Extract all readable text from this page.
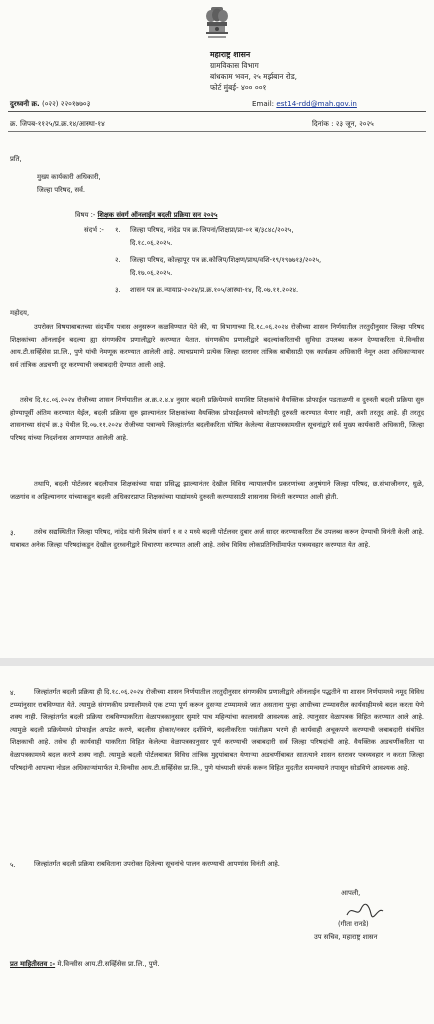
महाराष्ट्र शासन
ग्रामविकास विभाग
बांधकाम भवन, २५ मर्झबान रोड,
फोर्ट मुंबई- ४०० ००१
दुरध्वनी क्र. (०२२) २२०१७७०३	Email: est14-rdd@mah.gov.in
क्र. जिपब-११२५/प्र.क्र.१४/आस्था-१४	दिनांक : २३ जून, २०२५
प्रति,
मुख्य कार्यकारी अधिकारी,
जिल्हा परिषद, सर्व.
विषय :- शिक्षक संवर्ग ऑनलाईन बदली प्रक्रिया सन २०२५
संदर्भ :- १. जिल्हा परिषद, नांदेड पत्र क्र.जिपनां/शिक्षप्रा/प्रा-०१ ब/३८४८/२०२५,
दि.१८.०६.२०२५.
२. जिल्हा परिषद, कोल्हापूर पत्र क्र.कोजिप/शिक्षण/प्राथ/वशि-१९/१९७७१३/२०२५,
दि.१७.०६.२०२५.
३. शासन पत्र क्र.न्यायाप्र-२०२४/प्र.क्र.१०५/आस्था-१४, दि.०७.११.२०२४.
महोदय,
उपरोक्त विषयाबाबतच्या संदर्भीय पत्रास अनुसरून कळविण्यात येते की, या विभागाच्या दि.१८.०६.२०२४ रोजीच्या शासन निर्णयातील तरतुदीनुसार जिल्हा परिषद शिक्षकांच्या ऑनलाईन बदल्या ह्या संगणकीय प्रणालीद्वारे करण्यात येतात. संगणकीय प्रणालीद्वारे बदल्यांकरिताची सुविधा उपलब्ध करून देण्याकरिता मे.विन्सीस आय.टी.सर्व्हिसेस प्रा.लि., पुणे यांची नेमणूक करण्यात आलेली आहे. त्याचप्रमाणे प्रत्येक जिल्हा स्तरावर तांत्रिक बाबीसाठी एक कार्यक्रम अधिकारी नेमून अशा अधिकाऱ्यावर सर्व तांत्रिक अडचणी दूर करण्याची जबाबदारी देण्यात आली आहे.
तसेच दि.१८.०६.२०२४ रोजीच्या शासन निर्णयातील अ.क्र.२.४.४ नुसार बदली प्रक्रियेमध्ये समाविष्ट शिक्षकांचे वैयक्तिक प्रोफाईल पडताळणी व दुरुस्ती बदली प्रक्रिया सुरु होण्यापूर्वी अंतिम करण्यात येईल, बदली प्रक्रिया सुरु झाल्यानंतर शिक्षकांच्या वैयक्तिक प्रोफाईलमध्ये कोणतीही दुरुस्ती करण्यात येणार नाही, अशी तरतूद आहे. ही तरतूद शासनाच्या संदर्भ क्र.३ येथील दि.०७.११.२०२४ रोजीच्या पत्रान्वये जिल्हांतर्गत बदलीकरिता घोषित केलेल्या वेळापत्रकामधील सूचनांद्वारे सर्व मुख्य कार्यकारी अधिकारी, जिल्हा परिषद यांच्या निदर्शनास आणण्यात आलेली आहे.
तथापि, बदली पोर्टलवर बदलीपात्र शिक्षकांच्या याद्या प्रसिद्ध झाल्यानंतर देखील विविध न्यायालयीन प्रकरणांच्या अनुषंगाने जिल्हा परिषद, छ.संभाजीनगर, धुळे, जळगांव व अहिल्यानगर यांच्याकडून बदली अधिकारप्राप्त शिक्षकांच्या याद्यांमध्ये दुरुस्ती करण्यासाठी शासनास विनंती करण्यात आली होती.
३.	तसेच सद्यस्थितीत जिल्हा परिषद, नांदेड यांनी विशेष संवर्ग १ व २ मध्ये बदली पोर्टलवर दुबार अर्ज सादर करण्याकरिता टॅब उपलब्ध करून देण्याची विनंती केली आहे. याबाबत अनेक जिल्हा परिषदांकडून देखील दुरध्वनीद्वारे विचारणा करण्यात आली आहे. तसेच विविध लोकप्रतिनिधींमार्फत पत्रव्यवहार करण्यात येत आहे.
४.	जिल्हांतर्गत बदली प्रक्रिया ही दि.१८.०६.२०२४ रोजीच्या शासन निर्णयातील तरतुदीनुसार संगणकीय प्रणालीद्वारे ऑनलाईन पद्धतीने या शासन निर्णयामध्ये नमूद विविध टप्प्यांनुसार राबविण्यात येते. त्यामुळे संगणकीय प्रणालीमध्ये एक टप्पा पूर्ण करून दुसऱ्या टप्प्यामध्ये जात असताना पुन्हा आधीच्या टप्प्यावरील कार्यवाहीमध्ये बदल करता येणे शक्य नाही. जिल्हांतर्गत बदली प्रक्रिया राबविण्याकरिता वेळापत्रकानुसार सुमारे पाच महिन्यांचा कालावधी आवश्यक आहे. त्यानुसार वेळापत्रक विहित करण्यात आले आहे. त्यामुळे बदली प्रक्रियेमध्ये प्रोफाईल अपडेट करणे, बदलीस होकार/नकार दर्शविणे, बदलीकरिता पसंतीक्रम भरणे ही कार्यवाही अचूकपणे करण्याची जबाबदारी संबंधित शिक्षकाची आहे. तसेच ही कार्यवाही याकरिता विहित केलेल्या वेळापत्रकानुसार पूर्ण करण्याची जबाबदारी सर्व जिल्हा परिषदांची आहे. वैयक्तिक अडचणींकरिता या वेळापत्रकामध्ये बदल करणे शक्य नाही. त्यामुळे बदली पोर्टलबाबत विविध तांत्रिक मुद्दयांबाबत येणाऱ्या अडचणींबाबत सातत्याने शासन स्तरावर पत्रव्यवहार न करता जिल्हा परिषदांनी आपल्या नोडल अधिकाऱ्यांमार्फत मे.विन्सीस आय.टी.सर्व्हिसेस प्रा.लि., पुणे यांच्याशी संपर्क करून विहित मुदतीत समन्वयाने तपासून सोडविणे आवश्यक आहे.
५.	जिल्हांतर्गत बदली प्रक्रिया राबविताना उपरोक्त दिलेल्या सूचनांचे पालन करण्याची आपणांस विनंती आहे.
आपली,
(गीता रानडे)
उप सचिव, महाराष्ट्र शासन
प्रत माहितीस्तव :- मे.विन्सीस आय.टी.सर्व्हिसेस प्रा.लि., पुणे.
